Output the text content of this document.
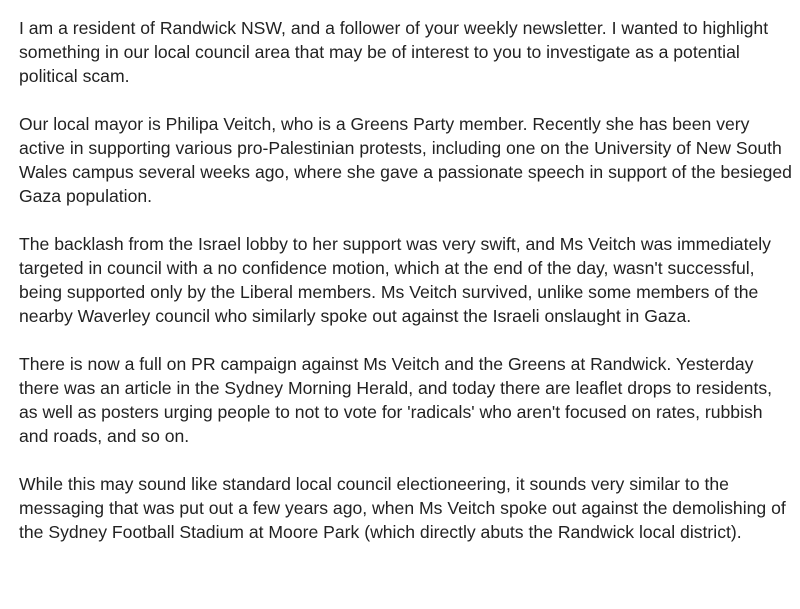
I am a resident of Randwick NSW, and a follower of your weekly newsletter. I wanted to highlight something in our local council area that may be of interest to you to investigate as a potential political scam.

Our local mayor is Philipa Veitch, who is a Greens Party member. Recently she has been very active in supporting various pro-Palestinian protests, including one on the University of New South Wales campus several weeks ago, where she gave a passionate speech in support of the besieged Gaza population.

The backlash from the Israel lobby to her support was very swift, and Ms Veitch was immediately targeted in council with a no confidence motion, which at the end of the day, wasn't successful, being supported only by the Liberal members. Ms Veitch survived, unlike some members of the nearby Waverley council who similarly spoke out against the Israeli onslaught in Gaza.

There is now a full on PR campaign against Ms Veitch and the Greens at Randwick. Yesterday there was an article in the Sydney Morning Herald, and today there are leaflet drops to residents, as well as posters urging people to not to vote for 'radicals' who aren't focused on rates, rubbish and roads, and so on.

While this may sound like standard local council electioneering, it sounds very similar to the messaging that was put out a few years ago, when Ms Veitch spoke out against the demolishing of the Sydney Football Stadium at Moore Park (which directly abuts the Randwick local district).
